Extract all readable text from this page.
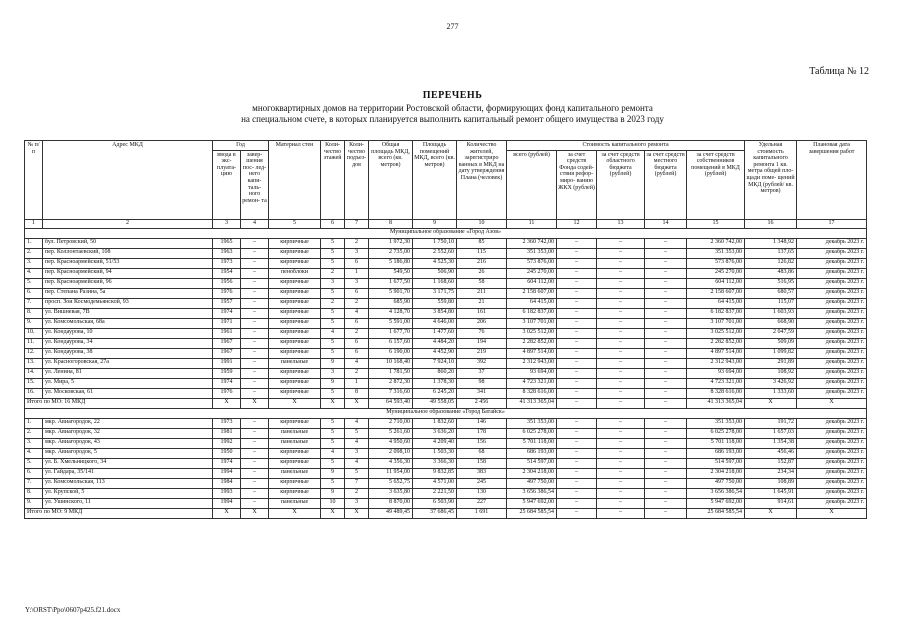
277
Таблица № 12
ПЕРЕЧЕНЬ
многоквартирных домов на территории Ростовской области, формирующих фонд капитального ремонта
на специальном счете, в которых планируется выполнить капитальный ремонт общего имущества в 2023 году
№ п/п	Адрес МКД	Год		Материал стен	Коли- чество этажей	Коли- чество подъез- дов	Общая площадь МКД, всего (кв. метров)	Площадь помещений МКД, всего (кв. метров)	Количество жителей, зарегистриро ванных в МКД на дату утверждения Плана (человек)	Стоимость капитального ремонта					Удельная стоимость капитального ремонта 1 кв. метра общей пло- щади поме- щений МКД (рублей/ кв. метров)	Плановая дата завершения работ
		ввода в экс- плуата- цию	завер- шения пос- лед- него капи- таль- ного ремон- та							всего (рублей)	за счет средств Фонда содей- ствия рефор- миро- ванию ЖКХ (рублей)	за счет средств областного бюджета (рублей)	за счет средств местного бюджета (рублей)	за счет средств собственников помещений в МКД (рублей)		
1	2	3	4	5	6	7	8	9	10	11	12	13	14	15	16	17
Муниципальное образование «Город Азов»																
1.	бул. Петровский, 50	1965	–	кирпичные	5	2	1 972,30	1 750,10	85	2 360 742,00	–	–	–	2 360 742,00	1 348,92	декабрь 2023 г.
2.	пер. Коллонтаевский, 108	1963	–	кирпичные	5	3	2 735,00	2 552,60	115	351 353,00	–	–	–	351 353,00	137,65	декабрь 2023 г.
3.	пер. Красноармейский, 51/53	1973	–	кирпичные	5	6	5 186,80	4 525,30	216	573 876,00	–	–	–	573 876,00	126,82	декабрь 2023 г.
4.	пер. Красноармейский, 94	1954	–	пеноблоки	2	1	549,50	506,90	26	245 270,00	–	–	–	245 270,00	483,86	декабрь 2023 г.
5.	пер. Красноармейский, 96	1956	–	кирпичные	3	3	1 677,50	1 168,60	58	604 112,00	–	–	–	604 112,00	516,95	декабрь 2023 г.
6.	пер. Степана Разина, 5а	1976	–	кирпичные	5	6	5 901,70	3 171,75	211	2 158 607,00	–	–	–	2 158 607,00	680,57	декабрь 2023 г.
7.	просп. Зои Космодемьянской, 93	1957	–	кирпичные	2	2	685,90	559,80	21	64 415,00	–	–	–	64 415,00	115,07	декабрь 2023 г.
8.	ул. Вишневая, 7В	1974	–	кирпичные	5	4	4 128,70	3 854,80	161	6 182 837,00	–	–	–	6 182 837,00	1 603,93	декабрь 2023 г.
9.	ул. Комсомольская, 68а	1971	–	кирпичные	5	6	5 591,00	4 646,00	206	3 107 701,00	–	–	–	3 107 701,00	668,90	декабрь 2023 г.
10.	ул. Кондаурова, 10	1961	–	кирпичные	4	2	1 677,70	1 477,60	76	3 025 512,00	–	–	–	3 025 512,00	2 047,59	декабрь 2023 г.
11.	ул. Кондаурова, 34	1967	–	кирпичные	5	6	6 157,60	4 484,20	194	2 282 852,00	–	–	–	2 282 852,00	509,09	декабрь 2023 г.
12.	ул. Кондаурова, 38	1967	–	кирпичные	5	6	6 190,00	4 452,90	219	4 897 514,00	–	–	–	4 897 514,00	1 099,82	декабрь 2023 г.
13.	ул. Красногоровская, 27а	1991	–	панельные	9	4	10 168,40	7 924,10	392	2 312 943,00	–	–	–	2 312 943,00	291,89	декабрь 2023 г.
14.	ул. Ленина, 81	1959	–	кирпичные	3	2	1 781,50	860,20	37	93 694,00	–	–	–	93 694,00	108,92	декабрь 2023 г.
15.	ул. Мира, 5	1974	–	кирпичные	9	1	2 872,30	1 378,30	98	4 723 321,00	–	–	–	4 723 321,00	3 426,92	декабрь 2023 г.
16.	ул. Московская, 61	1976	–	кирпичные	5	8	7 316,60	6 245,20	341	8 328 616,00	–	–	–	8 328 616,00	1 333,60	декабрь 2023 г.
Итого по МО: 16 МКД		X	X	X	X	X	64 593,40	49 558,05	2 456	41 313 365,04	–	–	–	41 313 365,04	X	X
Муниципальное образование «Город Батайск»																
1.	мкр. Авиагородок, 22	1973	–	кирпичные	5	4	2 710,00	1 832,60	146	351 353,00	–	–	–	351 353,00	191,72	декабрь 2023 г.
2.	мкр. Авиагородок, 32	1981	–	панельные	5	5	5 261,60	3 636,20	178	6 025 278,00	–	–	–	6 025 278,00	1 657,03	декабрь 2023 г.
3.	мкр. Авиагородок, 43	1992	–	панельные	5	4	4 950,60	4 209,40	156	5 701 118,00	–	–	–	5 701 118,00	1 354,38	декабрь 2023 г.
4.	мкр. Авиагородок, 5	1950	–	кирпичные	4	3	2 098,10	1 503,30	68	686 193,00	–	–	–	686 193,00	456,46	декабрь 2023 г.
5.	ул. Б. Хмельницкого, 34	1974	–	кирпичные	5	4	4 356,30	3 366,30	158	514 597,00	–	–	–	514 597,00	152,87	декабрь 2023 г.
6.	ул. Гайдара, 35/141	1994	–	панельные	9	5	11 954,00	9 832,85	383	2 304 218,00	–	–	–	2 304 218,00	234,34	декабрь 2023 г.
7.	ул. Комсомольская, 113	1984	–	кирпичные	5	7	5 652,75	4 571,00	245	497 750,00	–	–	–	497 750,00	108,89	декабрь 2023 г.
8.	ул. Крупской, 5	1993	–	кирпичные	9	2	3 635,80	2 221,50	130	3 656 386,54	–	–	–	3 656 386,54	1 645,91	декабрь 2023 г.
9.	ул. Ушинского, 11	1994	–	панельные	10	3	8 870,00	6 503,90	227	5 947 692,00	–	–	–	5 947 692,00	914,61	декабрь 2023 г.
Итого по МО: 9 МКД		X	X	X	X	X	49 489,45	37 686,45	1 691	25 684 585,54	–	–	–	25 684 585,54	X	X
Y:\ORST\Ppo\0607p425.f21.docx
